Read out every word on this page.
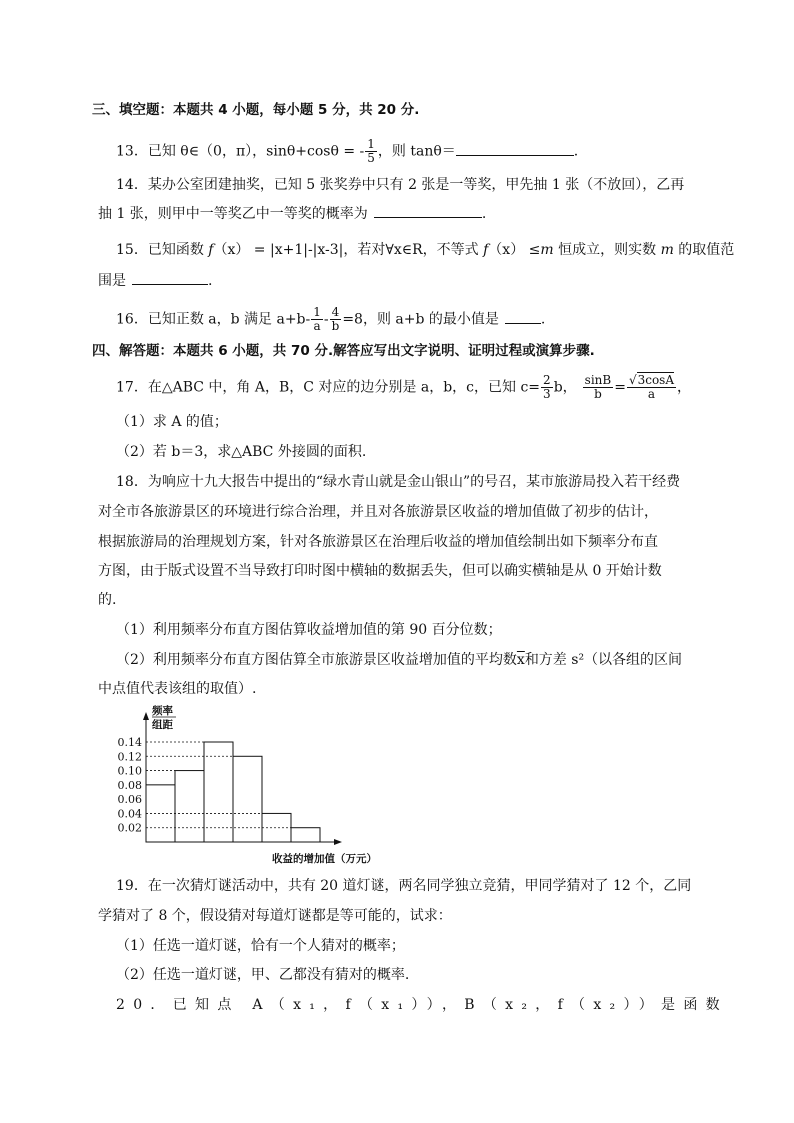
三、填空题：本题共 4 小题，每小题 5 分，共 20 分.
13．已知 θ∈（0，π），sinθ+cosθ = - $\frac{1}{5}$ ，则 tanθ＝	.
14．某办公室团建抽奖，已知 5 张奖券中只有 2 张是一等奖，甲先抽 1 张（不放回），乙再
抽 1 张，则甲中一等奖乙中一等奖的概率为	.
15．已知函数 f（x） = |x+1|-|x-3|，若对∀x∈R，不等式 f（x） ≤m 恒成立，则实数 m 的取值范
围是	.
16．已知正数 a，b 满足 $a+b- \frac{1}{a} - \frac{4}{b} =8$，则 a+b 的最小值是	.
四、解答题：本题共 6 小题，共 70 分.解答应写出文字说明、证明过程或演算步骤.
17．在△ABC 中，角 A，B，C 对应的边分别是 a，b，c，已知 $c= \frac{2}{3}$ b， $\frac{\sin B}{b} = \frac{√3\cos A}{a}$ ，
（1）求 A 的值；
（2）若 b＝3，求△ABC 外接圆的面积.
18．为响应十九大报告中提出的“绿水青山就是金山银山”的号召，某市旅游局投入若干经费
对全市各旅游景区的环境进行综合治理，并且对各旅游景区收益的增加值做了初步的估计，
根据旅游局的治理规划方案，针对各旅游景区在治理后收益的增加值绘制出如下频率分布直
方图，由于版式设置不当导致打印时图中横轴的数据丢失，但可以确实横轴是从 0 开始计数
的.
（1）利用频率分布直方图估算收益增加值的第 90 百分位数；
（2）利用频率分布直方图估算全市旅游景区收益增加值的平均数$\overline{x}$和方差 s²（以各组的区间
中点值代表该组的取值）.
频率
组距
0.14
0.12
0.10
0.08
0.06
0.04
0.02
收益的增加值（万元）
19．在一次猜灯谜活动中，共有 20 道灯谜，两名同学独立竞猜，甲同学猜对了 12 个，乙同
学猜对了 8 个，假设猜对每道灯谜都是等可能的，试求：
（1）任选一道灯谜，恰有一个人猜对的概率；
（2）任选一道灯谜，甲、乙都没有猜对的概率.
20．已知点 A（x₁，f（x₁）），B（x₂，f（x₂））是函数
